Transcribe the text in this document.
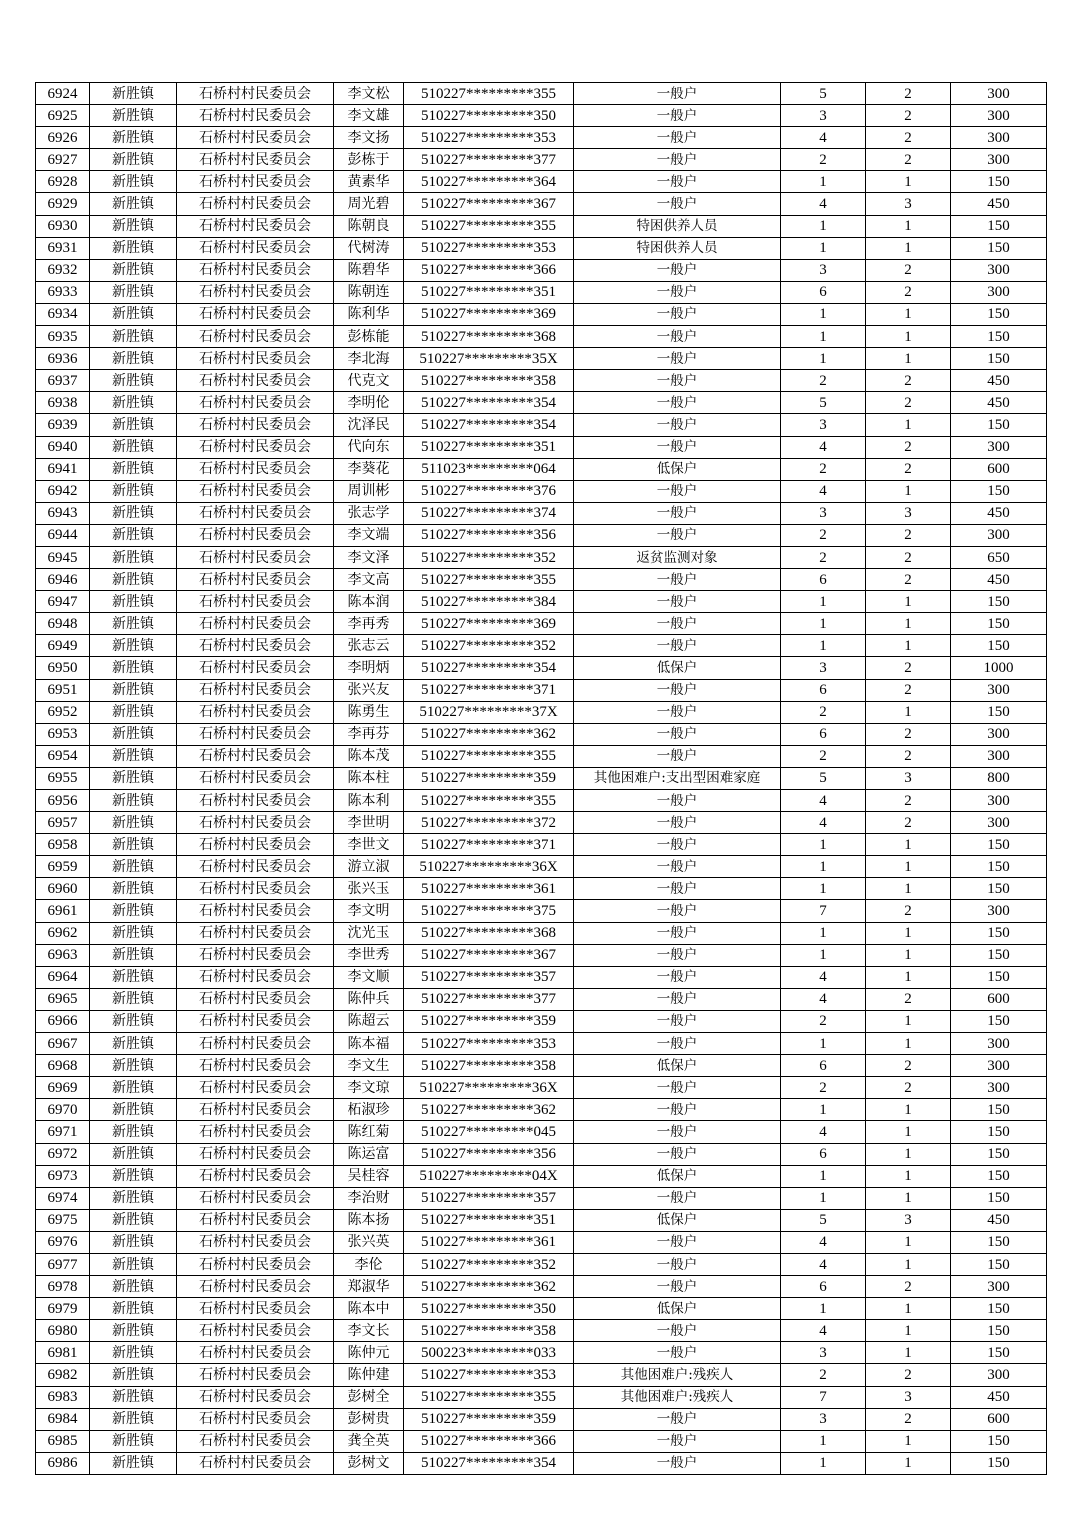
6924	新胜镇	石桥村村民委员会	李文松	510227*********355	一般户	5	2	300
6925	新胜镇	石桥村村民委员会	李文雄	510227*********350	一般户	3	2	300
6926	新胜镇	石桥村村民委员会	李文扬	510227*********353	一般户	4	2	300
6927	新胜镇	石桥村村民委员会	彭栋于	510227*********377	一般户	2	2	300
6928	新胜镇	石桥村村民委员会	黄素华	510227*********364	一般户	1	1	150
6929	新胜镇	石桥村村民委员会	周光碧	510227*********367	一般户	4	3	450
6930	新胜镇	石桥村村民委员会	陈朝良	510227*********355	特困供养人员	1	1	150
6931	新胜镇	石桥村村民委员会	代树涛	510227*********353	特困供养人员	1	1	150
6932	新胜镇	石桥村村民委员会	陈碧华	510227*********366	一般户	3	2	300
6933	新胜镇	石桥村村民委员会	陈朝连	510227*********351	一般户	6	2	300
6934	新胜镇	石桥村村民委员会	陈利华	510227*********369	一般户	1	1	150
6935	新胜镇	石桥村村民委员会	彭栋能	510227*********368	一般户	1	1	150
6936	新胜镇	石桥村村民委员会	李北海	510227*********35X	一般户	1	1	150
6937	新胜镇	石桥村村民委员会	代克文	510227*********358	一般户	2	2	450
6938	新胜镇	石桥村村民委员会	李明伦	510227*********354	一般户	5	2	450
6939	新胜镇	石桥村村民委员会	沈泽民	510227*********354	一般户	3	1	150
6940	新胜镇	石桥村村民委员会	代向东	510227*********351	一般户	4	2	300
6941	新胜镇	石桥村村民委员会	李葵花	511023*********064	低保户	2	2	600
6942	新胜镇	石桥村村民委员会	周训彬	510227*********376	一般户	4	1	150
6943	新胜镇	石桥村村民委员会	张志学	510227*********374	一般户	3	3	450
6944	新胜镇	石桥村村民委员会	李文端	510227*********356	一般户	2	2	300
6945	新胜镇	石桥村村民委员会	李文泽	510227*********352	返贫监测对象	2	2	650
6946	新胜镇	石桥村村民委员会	李文高	510227*********355	一般户	6	2	450
6947	新胜镇	石桥村村民委员会	陈本润	510227*********384	一般户	1	1	150
6948	新胜镇	石桥村村民委员会	李再秀	510227*********369	一般户	1	1	150
6949	新胜镇	石桥村村民委员会	张志云	510227*********352	一般户	1	1	150
6950	新胜镇	石桥村村民委员会	李明炳	510227*********354	低保户	3	2	1000
6951	新胜镇	石桥村村民委员会	张兴友	510227*********371	一般户	6	2	300
6952	新胜镇	石桥村村民委员会	陈勇生	510227*********37X	一般户	2	1	150
6953	新胜镇	石桥村村民委员会	李再芬	510227*********362	一般户	6	2	300
6954	新胜镇	石桥村村民委员会	陈本茂	510227*********355	一般户	2	2	300
6955	新胜镇	石桥村村民委员会	陈本柱	510227*********359	其他困难户:支出型困难家庭	5	3	800
6956	新胜镇	石桥村村民委员会	陈本利	510227*********355	一般户	4	2	300
6957	新胜镇	石桥村村民委员会	李世明	510227*********372	一般户	4	2	300
6958	新胜镇	石桥村村民委员会	李世文	510227*********371	一般户	1	1	150
6959	新胜镇	石桥村村民委员会	游立淑	510227*********36X	一般户	1	1	150
6960	新胜镇	石桥村村民委员会	张兴玉	510227*********361	一般户	1	1	150
6961	新胜镇	石桥村村民委员会	李文明	510227*********375	一般户	7	2	300
6962	新胜镇	石桥村村民委员会	沈光玉	510227*********368	一般户	1	1	150
6963	新胜镇	石桥村村民委员会	李世秀	510227*********367	一般户	1	1	150
6964	新胜镇	石桥村村民委员会	李文顺	510227*********357	一般户	4	1	150
6965	新胜镇	石桥村村民委员会	陈仲兵	510227*********377	一般户	4	2	600
6966	新胜镇	石桥村村民委员会	陈超云	510227*********359	一般户	2	1	150
6967	新胜镇	石桥村村民委员会	陈本福	510227*********353	一般户	1	1	300
6968	新胜镇	石桥村村民委员会	李文生	510227*********358	低保户	6	2	300
6969	新胜镇	石桥村村民委员会	李文琼	510227*********36X	一般户	2	2	300
6970	新胜镇	石桥村村民委员会	柘淑珍	510227*********362	一般户	1	1	150
6971	新胜镇	石桥村村民委员会	陈红菊	510227*********045	一般户	4	1	150
6972	新胜镇	石桥村村民委员会	陈运富	510227*********356	一般户	6	1	150
6973	新胜镇	石桥村村民委员会	吴桂容	510227*********04X	低保户	1	1	150
6974	新胜镇	石桥村村民委员会	李治财	510227*********357	一般户	1	1	150
6975	新胜镇	石桥村村民委员会	陈本扬	510227*********351	低保户	5	3	450
6976	新胜镇	石桥村村民委员会	张兴英	510227*********361	一般户	4	1	150
6977	新胜镇	石桥村村民委员会	李伦	510227*********352	一般户	4	1	150
6978	新胜镇	石桥村村民委员会	郑淑华	510227*********362	一般户	6	2	300
6979	新胜镇	石桥村村民委员会	陈本中	510227*********350	低保户	1	1	150
6980	新胜镇	石桥村村民委员会	李文长	510227*********358	一般户	4	1	150
6981	新胜镇	石桥村村民委员会	陈仲元	500223*********033	一般户	3	1	150
6982	新胜镇	石桥村村民委员会	陈仲建	510227*********353	其他困难户:残疾人	2	2	300
6983	新胜镇	石桥村村民委员会	彭树全	510227*********355	其他困难户:残疾人	7	3	450
6984	新胜镇	石桥村村民委员会	彭树贵	510227*********359	一般户	3	2	600
6985	新胜镇	石桥村村民委员会	龚全英	510227*********366	一般户	1	1	150
6986	新胜镇	石桥村村民委员会	彭树文	510227*********354	一般户	1	1	150
